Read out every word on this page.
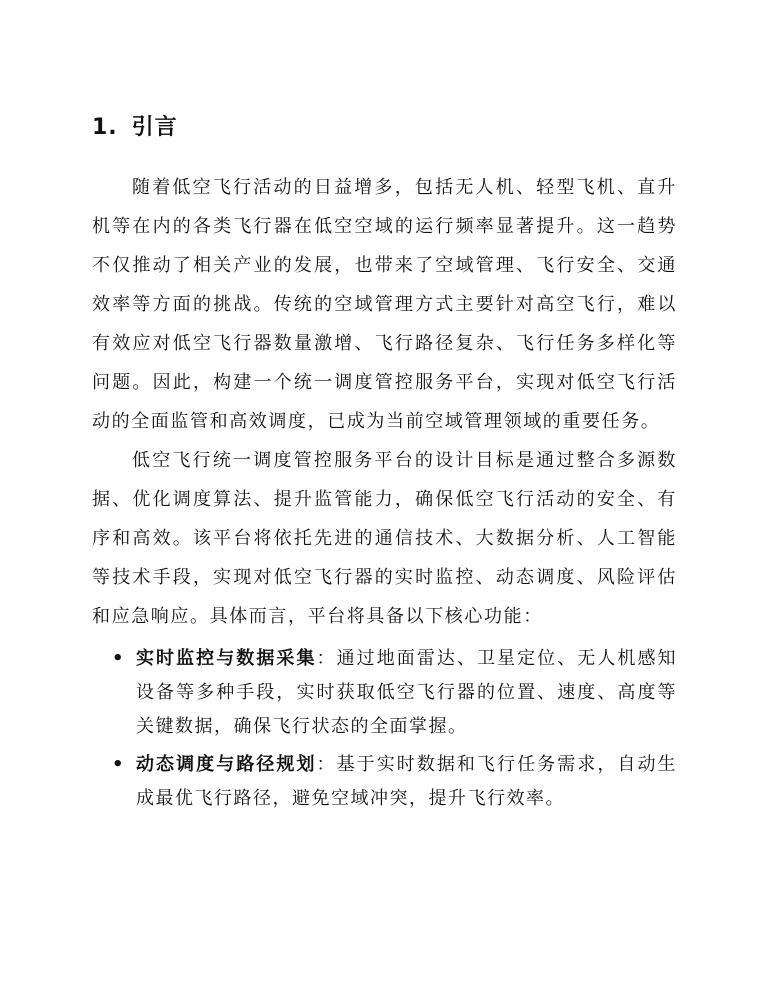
1. 引言

随着低空飞行活动的日益增多，包括无人机、轻型飞机、直升机等在内的各类飞行器在低空空域的运行频率显著提升。这一趋势不仅推动了相关产业的发展，也带来了空域管理、飞行安全、交通效率等方面的挑战。传统的空域管理方式主要针对高空飞行，难以有效应对低空飞行器数量激增、飞行路径复杂、飞行任务多样化等问题。因此，构建一个统一调度管控服务平台，实现对低空飞行活动的全面监管和高效调度，已成为当前空域管理领域的重要任务。

低空飞行统一调度管控服务平台的设计目标是通过整合多源数据、优化调度算法、提升监管能力，确保低空飞行活动的安全、有序和高效。该平台将依托先进的通信技术、大数据分析、人工智能等技术手段，实现对低空飞行器的实时监控、动态调度、风险评估和应急响应。具体而言，平台将具备以下核心功能：

• 实时监控与数据采集：通过地面雷达、卫星定位、无人机感知设备等多种手段，实时获取低空飞行器的位置、速度、高度等关键数据，确保飞行状态的全面掌握。
• 动态调度与路径规划：基于实时数据和飞行任务需求，自动生成最优飞行路径，避免空域冲突，提升飞行效率。
